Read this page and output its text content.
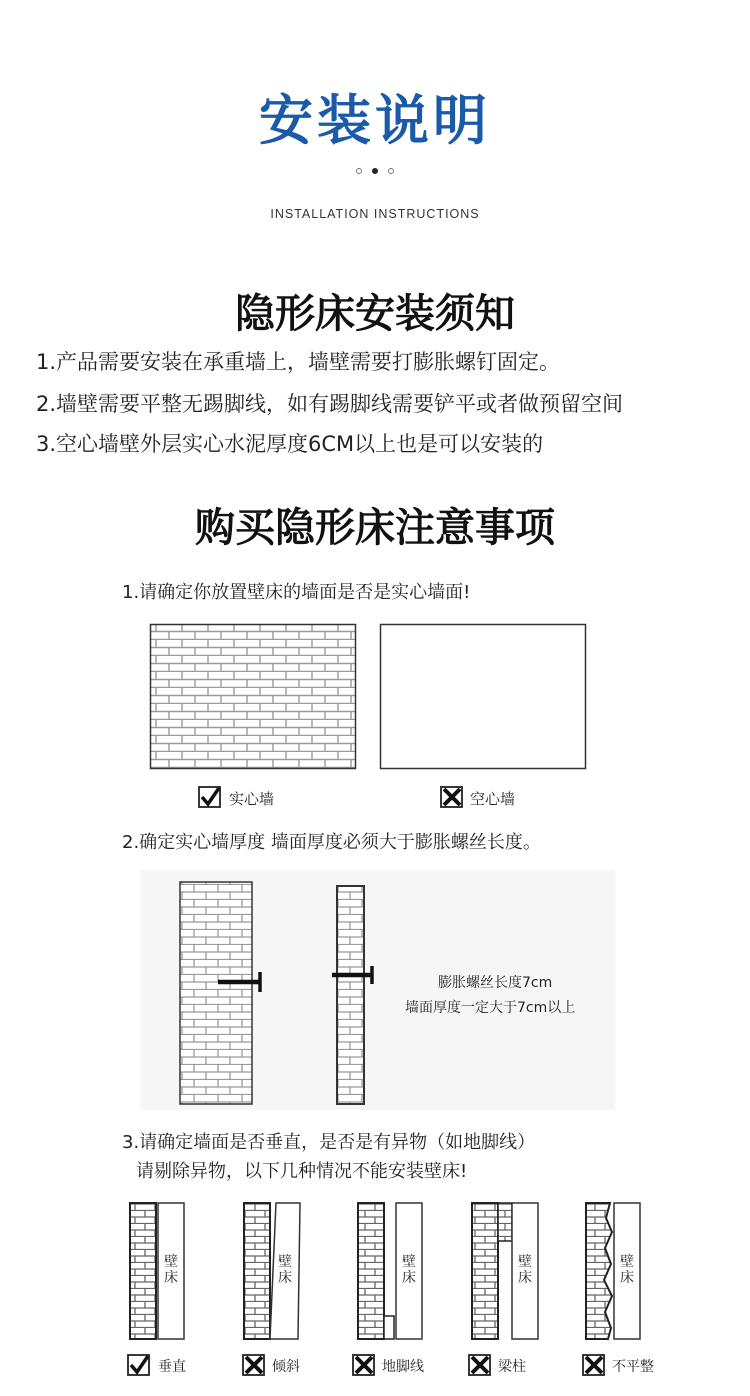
安装说明
INSTALLATION INSTRUCTIONS
隐形床安装须知
1.产品需要安装在承重墙上，墙壁需要打膨胀螺钉固定。
2.墙壁需要平整无踢脚线，如有踢脚线需要铲平或者做预留空间
3.空心墙壁外层实心水泥厚度6CM以上也是可以安装的
购买隐形床注意事项
1.请确定你放置壁床的墙面是否是实心墙面!
实心墙	空心墙
2.确定实心墙厚度 墙面厚度必须大于膨胀螺丝长度。
膨胀螺丝长度7cm
墙面厚度一定大于7cm以上
3.请确定墙面是否垂直，是否是有异物（如地脚线）
请剔除异物，以下几种情况不能安装壁床!
壁
床
壁
床
壁
床
壁
床
壁
床
垂直	倾斜	地脚线	梁柱	不平整
